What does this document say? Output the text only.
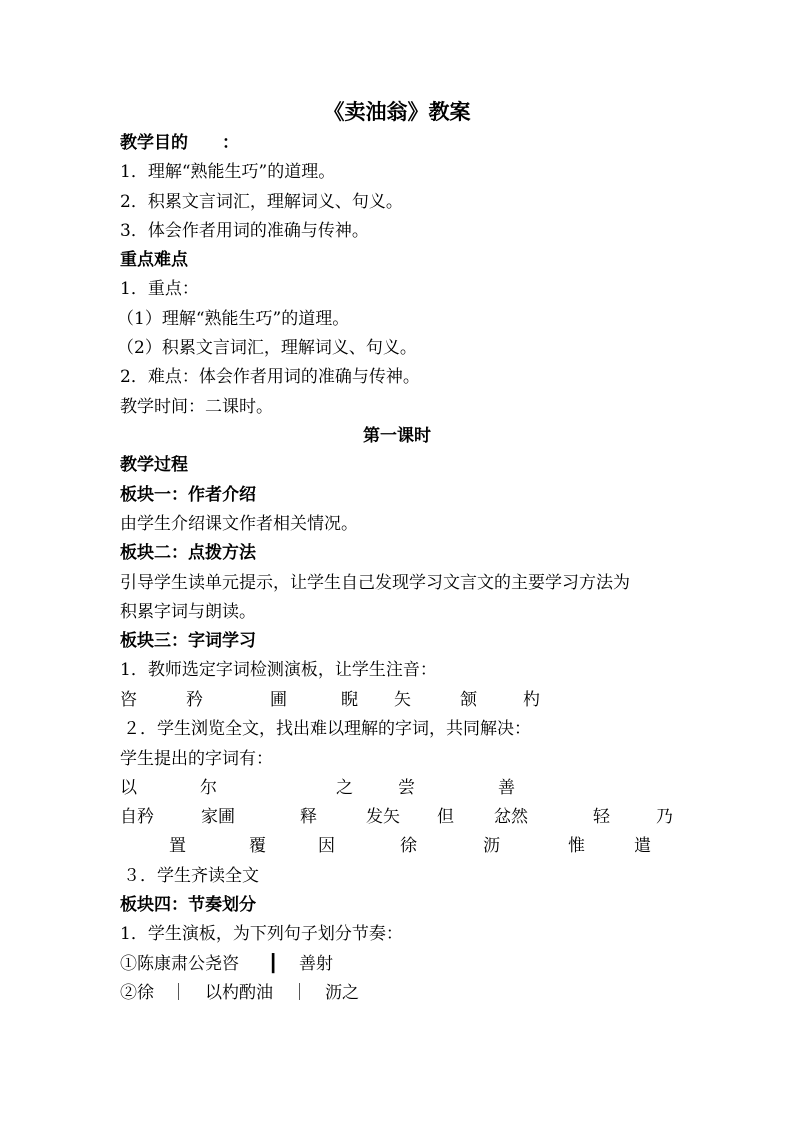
《卖油翁》教案
教学目的　　：
1．理解“熟能生巧”的道理。
2．积累文言词汇，理解词义、句义。
3．体会作者用词的准确与传神。
重点难点
1．重点：
（1）理解“熟能生巧”的道理。
（2）积累文言词汇，理解词义、句义。
2．难点：体会作者用词的准确与传神。
教学时间：二课时。
第一课时
教学过程
板块一：作者介绍
由学生介绍课文作者相关情况。
板块二：点拨方法
引导学生读单元提示，让学生自己发现学习文言文的主要学习方法为
积累字词与朗读。
板块三：字词学习
1．教师选定字词检测演板，让学生注音：
咨	矜	圃	睨 矢	颔	杓
２．学生浏览全文，找出难以理解的字词，共同解决：
学生提出的字词有：
以	尔	之	尝	善
自矜	家圃	释	发矢 但 忿然	轻	乃
置	覆	因	徐	沥	惟	遣
３．学生齐读全文
板块四：节奏划分
1．学生演板，为下列句子划分节奏：
①陈康肃公尧咨 ┃ 善射
②徐 ｜ 以杓酌油 ｜ 沥之
